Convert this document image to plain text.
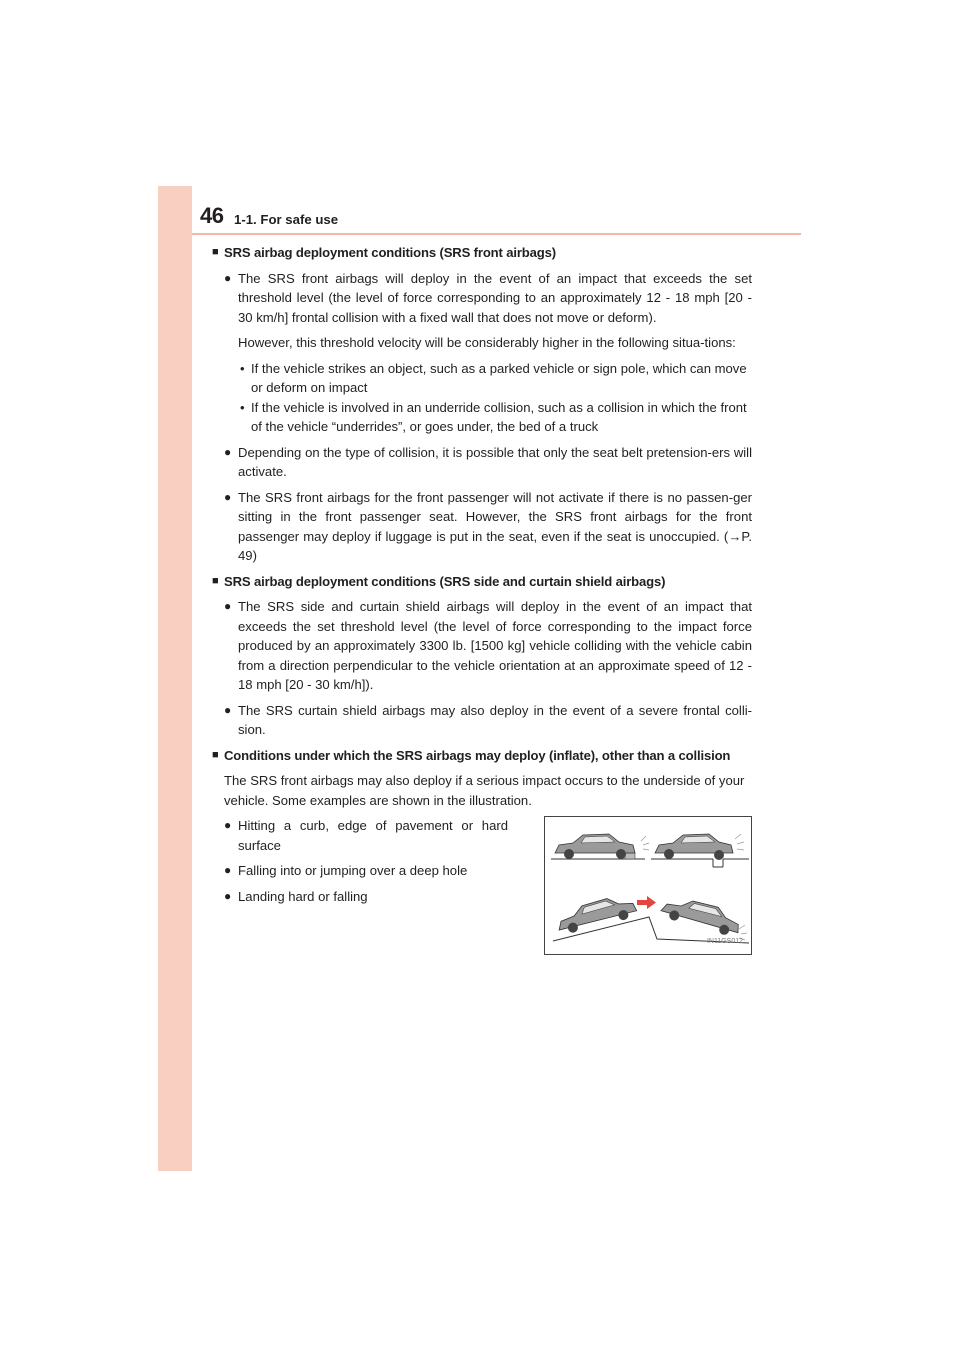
46 1-1. For safe use
■ SRS airbag deployment conditions (SRS front airbags)
● The SRS front airbags will deploy in the event of an impact that exceeds the set threshold level (the level of force corresponding to an approximately 12 - 18 mph [20 - 30 km/h] frontal collision with a fixed wall that does not move or deform).
However, this threshold velocity will be considerably higher in the following situa-tions:
• If the vehicle strikes an object, such as a parked vehicle or sign pole, which can move or deform on impact
• If the vehicle is involved in an underride collision, such as a collision in which the front of the vehicle “underrides”, or goes under, the bed of a truck
● Depending on the type of collision, it is possible that only the seat belt pretension-ers will activate.
● The SRS front airbags for the front passenger will not activate if there is no passen-ger sitting in the front passenger seat. However, the SRS front airbags for the front passenger may deploy if luggage is put in the seat, even if the seat is unoccupied. (→P. 49)
■ SRS airbag deployment conditions (SRS side and curtain shield airbags)
● The SRS side and curtain shield airbags will deploy in the event of an impact that exceeds the set threshold level (the level of force corresponding to the impact force produced by an approximately 3300 lb. [1500 kg] vehicle colliding with the vehicle cabin from a direction perpendicular to the vehicle orientation at an approximate speed of 12 - 18 mph [20 - 30 km/h]).
● The SRS curtain shield airbags may also deploy in the event of a severe frontal colli-sion.
■ Conditions under which the SRS airbags may deploy (inflate), other than a collision
The SRS front airbags may also deploy if a serious impact occurs to the underside of your vehicle. Some examples are shown in the illustration.
● Hitting a curb, edge of pavement or hard surface
● Falling into or jumping over a deep hole
● Landing hard or falling
IN11GS012
